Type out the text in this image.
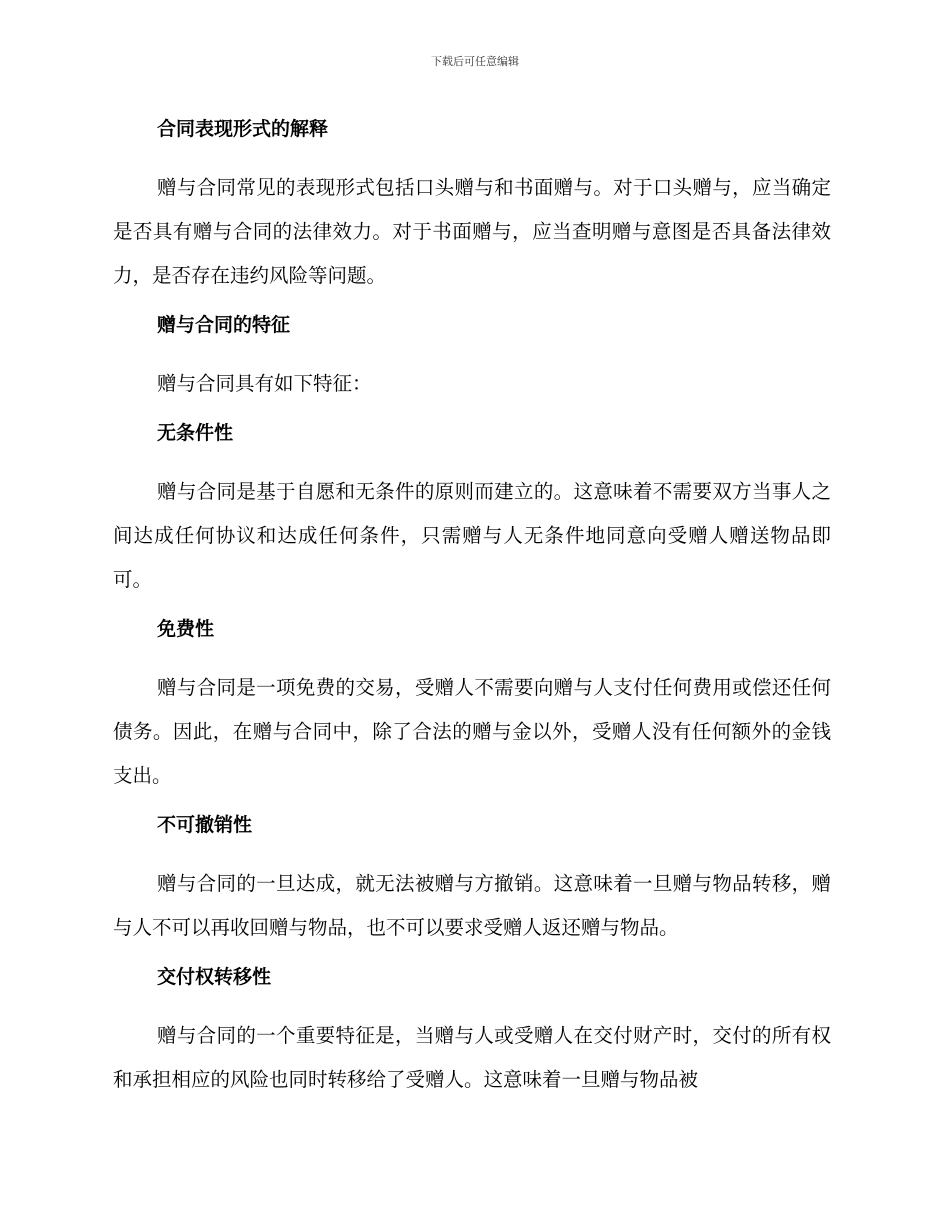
下载后可任意编辑
合同表现形式的解释

赠与合同常见的表现形式包括口头赠与和书面赠与。对于口头赠与，应当确定是否具有赠与合同的法律效力。对于书面赠与，应当查明赠与意图是否具备法律效力，是否存在违约风险等问题。

赠与合同的特征

赠与合同具有如下特征：

无条件性

赠与合同是基于自愿和无条件的原则而建立的。这意味着不需要双方当事人之间达成任何协议和达成任何条件，只需赠与人无条件地同意向受赠人赠送物品即可。

免费性

赠与合同是一项免费的交易，受赠人不需要向赠与人支付任何费用或偿还任何债务。因此，在赠与合同中，除了合法的赠与金以外，受赠人没有任何额外的金钱支出。

不可撤销性

赠与合同的一旦达成，就无法被赠与方撤销。这意味着一旦赠与物品转移，赠与人不可以再收回赠与物品，也不可以要求受赠人返还赠与物品。

交付权转移性

赠与合同的一个重要特征是，当赠与人或受赠人在交付财产时，交付的所有权和承担相应的风险也同时转移给了受赠人。这意味着一旦赠与物品被
